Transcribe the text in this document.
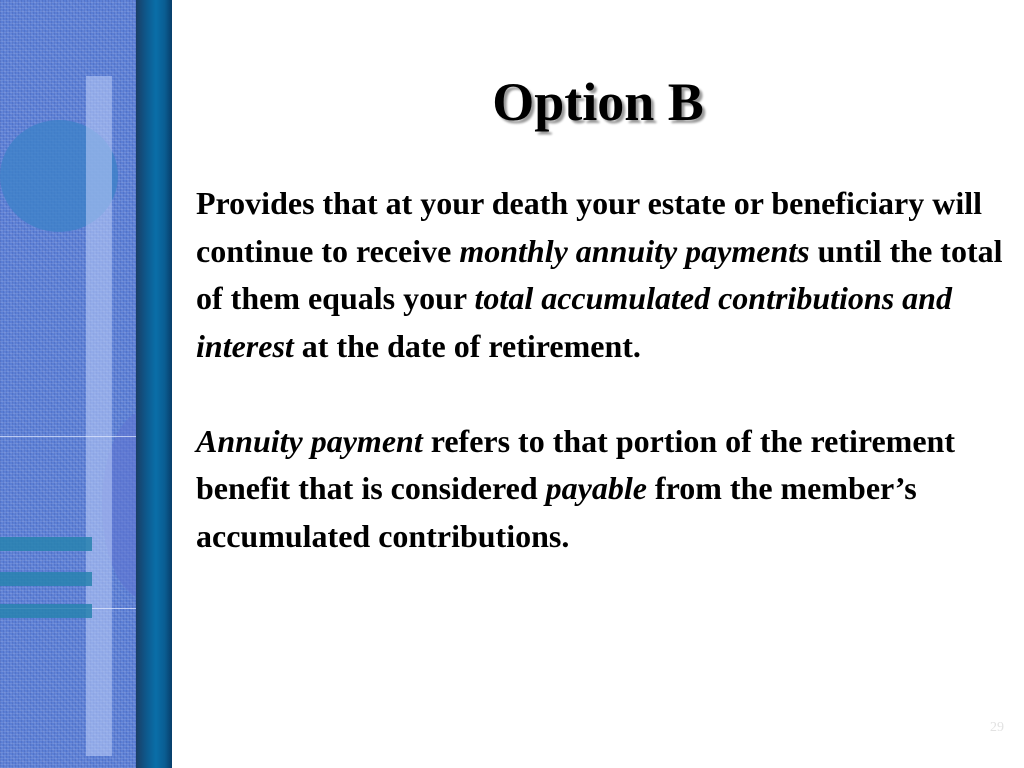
Option B

Provides that at your death your estate or beneficiary will continue to receive monthly annuity payments until the total of them equals your total accumulated contributions and interest at the date of retirement.

Annuity payment refers to that portion of the retirement benefit that is considered payable from the member’s accumulated contributions.

29
